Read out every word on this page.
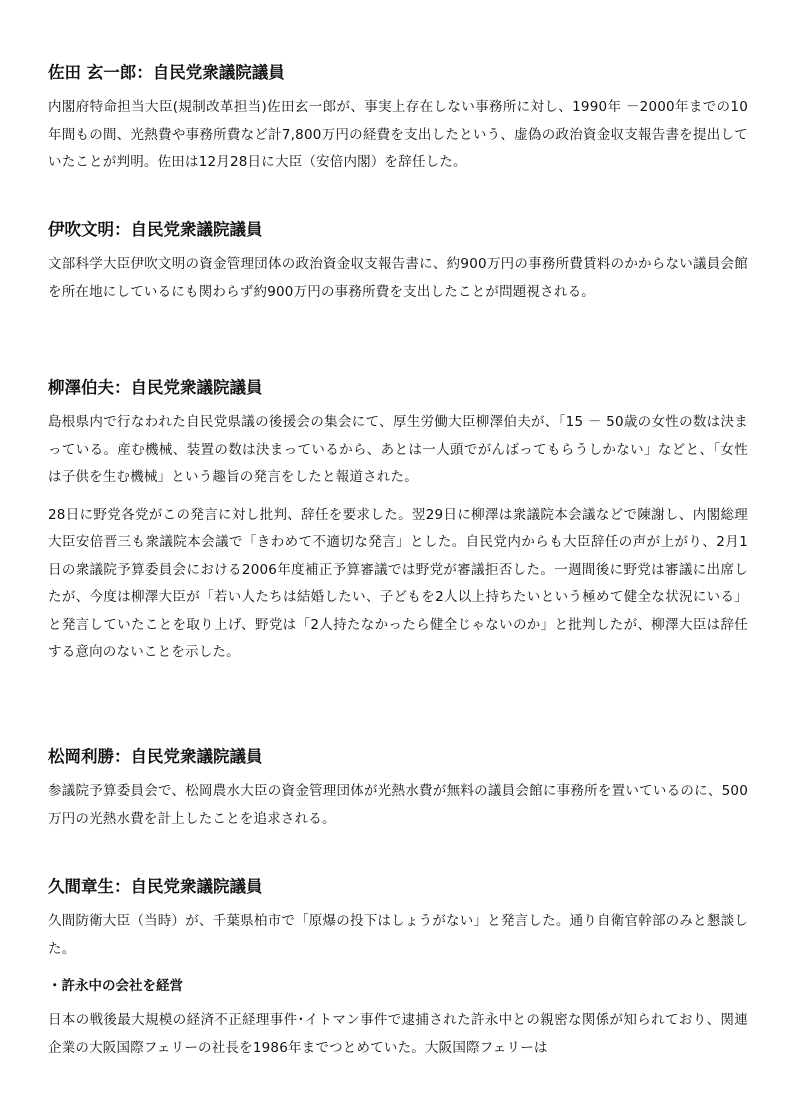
佐田 玄一郎：自民党衆議院議員

内閣府特命担当大臣(規制改革担当)佐田玄一郎が、事実上存在しない事務所に対し、1990年 －2000年までの10年間もの間、光熱費や事務所費など計7,800万円の経費を支出したという、虚偽の政治資金収支報告書を提出していたことが判明。佐田は12月28日に大臣（安倍内閣）を辞任した。

伊吹文明：自民党衆議院議員

文部科学大臣伊吹文明の資金管理団体の政治資金収支報告書に、約900万円の事務所費賃料のかからない議員会館を所在地にしているにも関わらず約900万円の事務所費を支出したことが問題視される。

柳澤伯夫：自民党衆議院議員

島根県内で行なわれた自民党県議の後援会の集会にて、厚生労働大臣柳澤伯夫が、「15 － 50歳の女性の数は決まっている。産む機械、装置の数は決まっているから、あとは一人頭でがんばってもらうしかない」などと、「女性は子供を生む機械」という趣旨の発言をしたと報道された。

28日に野党各党がこの発言に対し批判、辞任を要求した。翌29日に柳澤は衆議院本会議などで陳謝し、内閣総理大臣安倍晋三も衆議院本会議で「きわめて不適切な発言」とした。自民党内からも大臣辞任の声が上がり、2月1日の衆議院予算委員会における2006年度補正予算審議では野党が審議拒否した。一週間後に野党は審議に出席したが、今度は柳澤大臣が「若い人たちは結婚したい、子どもを2人以上持ちたいという極めて健全な状況にいる」と発言していたことを取り上げ、野党は「2人持たなかったら健全じゃないのか」と批判したが、柳澤大臣は辞任する意向のないことを示した。

松岡利勝：自民党衆議院議員

参議院予算委員会で、松岡農水大臣の資金管理団体が光熱水費が無料の議員会館に事務所を置いているのに、500万円の光熱水費を計上したことを追求される。

久間章生：自民党衆議院議員

久間防衛大臣（当時）が、千葉県柏市で「原爆の投下はしょうがない」と発言した。通り自衛官幹部のみと懇談した。

・許永中の会社を経営

日本の戦後最大規模の経済不正経理事件･イトマン事件で逮捕された許永中との親密な関係が知られており、関連企業の大阪国際フェリーの社長を1986年までつとめていた。大阪国際フェリーは
